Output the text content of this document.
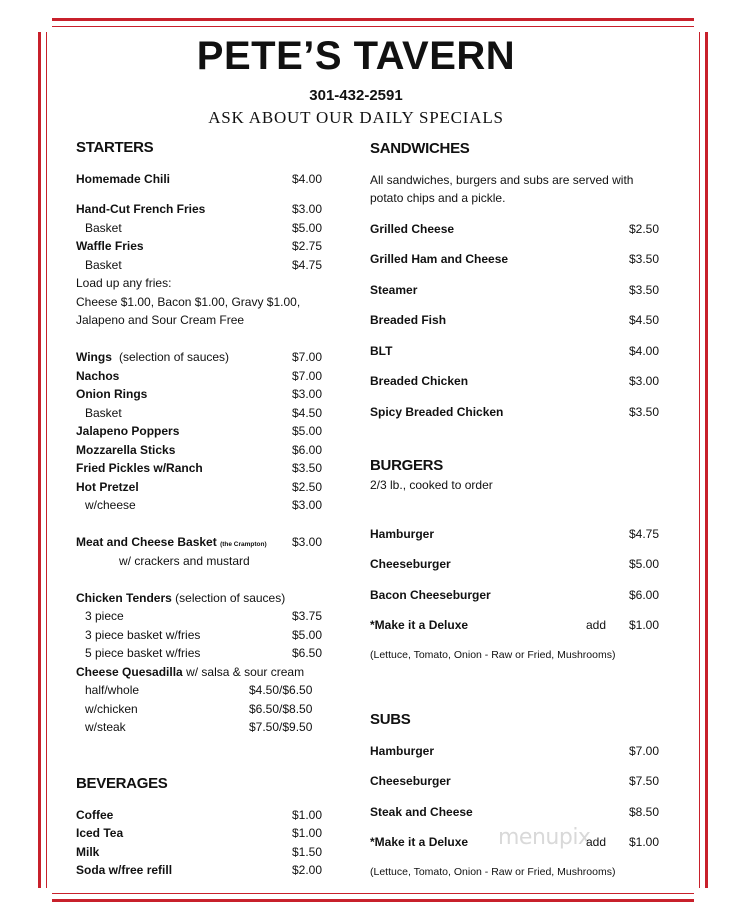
PETE’S TAVERN
301-432-2591
ASK ABOUT OUR DAILY SPECIALS
STARTERS
Homemade Chili	$4.00
Hand-Cut French Fries	$3.00
Basket	$5.00
Waffle Fries	$2.75
Basket	$4.75
Load up any fries:
Cheese $1.00, Bacon $1.00, Gravy $1.00,
Jalapeno and Sour Cream Free
Wings (selection of sauces)	$7.00
Nachos	$7.00
Onion Rings	$3.00
Basket	$4.50
Jalapeno Poppers	$5.00
Mozzarella Sticks	$6.00
Fried Pickles w/Ranch	$3.50
Hot Pretzel	$2.50
w/cheese	$3.00
Meat and Cheese Basket (the Crampton) $3.00
w/ crackers and mustard
Chicken Tenders (selection of sauces)
3 piece	$3.75
3 piece basket w/fries	$5.00
5 piece basket w/fries	$6.50
Cheese Quesadilla w/ salsa & sour cream
half/whole	$4.50/$6.50
w/chicken	$6.50/$8.50
w/steak	$7.50/$9.50
BEVERAGES
Coffee	$1.00
Iced Tea	$1.00
Milk	$1.50
Soda w/free refill	$2.00
SANDWICHES
All sandwiches, burgers and subs are served with
potato chips and a pickle.
Grilled Cheese	$2.50
Grilled Ham and Cheese	$3.50
Steamer	$3.50
Breaded Fish	$4.50
BLT	$4.00
Breaded Chicken	$3.00
Spicy Breaded Chicken	$3.50
BURGERS
2/3 lb., cooked to order
Hamburger	$4.75
Cheeseburger	$5.00
Bacon Cheeseburger	$6.00
*Make it a Deluxe	add $1.00
(Lettuce, Tomato, Onion - Raw or Fried, Mushrooms)
SUBS
Hamburger	$7.00
Cheeseburger	$7.50
Steak and Cheese	$8.50
menupix
*Make it a Deluxe	add $1.00
(Lettuce, Tomato, Onion - Raw or Fried, Mushrooms)
